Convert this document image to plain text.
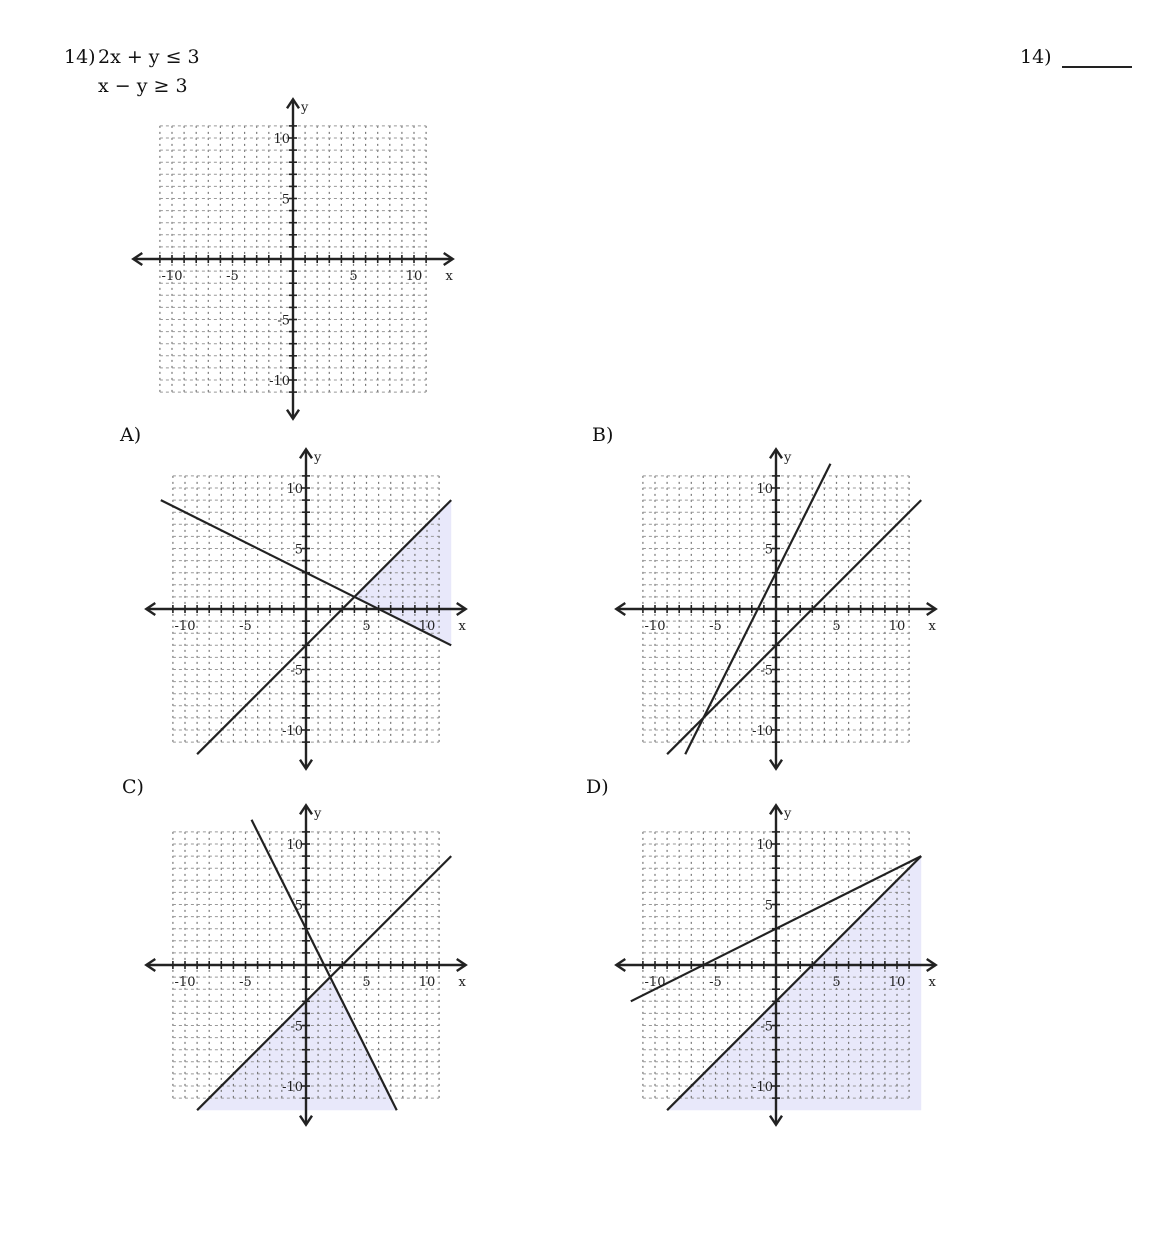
14) 2x + y ≤ 3
x − y ≥ 3
14)
A)	B)
C)	D)
-10	-5	5	10
10
5
-5
-10
x
y
-10	-5	5	10
10
5
-5
-10
x
y
-10	-5	5	10
10
5
-5
-10
x
y
-10	-5	5	10
10
5
-5
-10
x
y
-10	-5	5	10
10
5
-5
-10
x
y
